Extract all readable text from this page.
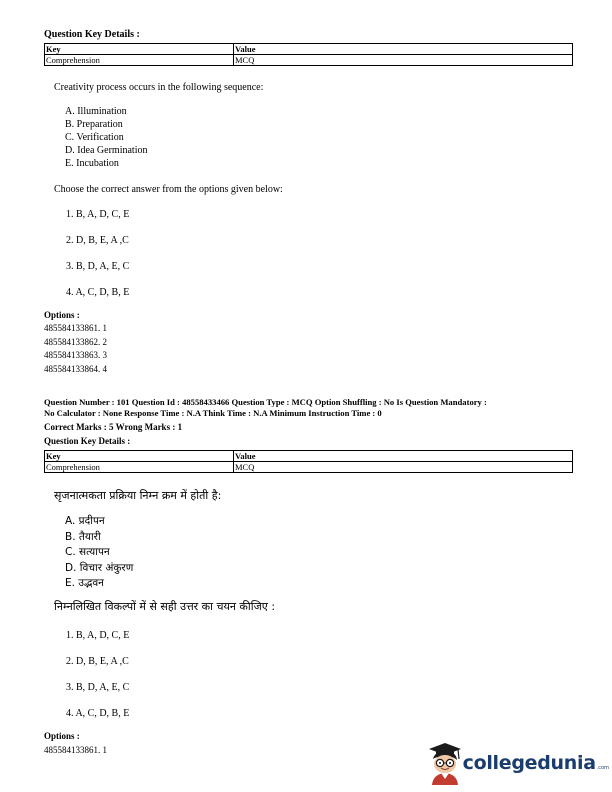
Question Key Details :
Key	Value
Comprehension	MCQ
Creativity process occurs in the following sequence:
A. Illumination
B. Preparation
C. Verification
D. Idea Germination
E. Incubation
Choose the correct answer from the options given below:
1. B, A, D, C, E
2. D, B, E, A ,C
3. B, D, A, E, C
4. A, C, D, B, E
Options :
485584133861. 1
485584133862. 2
485584133863. 3
485584133864. 4
Question Number : 101 Question Id : 48558433466 Question Type : MCQ Option Shuffling : No Is Question Mandatory :
No Calculator : None Response Time : N.A Think Time : N.A Minimum Instruction Time : 0
Correct Marks : 5 Wrong Marks : 1
Question Key Details :
Key	Value
Comprehension	MCQ
सृजनात्मकता प्रक्रिया निम्न क्रम में होती है:
A. प्रदीपन
B. तैयारी
C. सत्यापन
D. विचार अंकुरण
E. उद्भवन
निम्नलिखित विकल्पों में से सही उत्तर का चयन कीजिए :
1. B, A, D, C, E
2. D, B, E, A ,C
3. B, D, A, E, C
4. A, C, D, B, E
Options :
485584133861. 1
collegedunia .com
